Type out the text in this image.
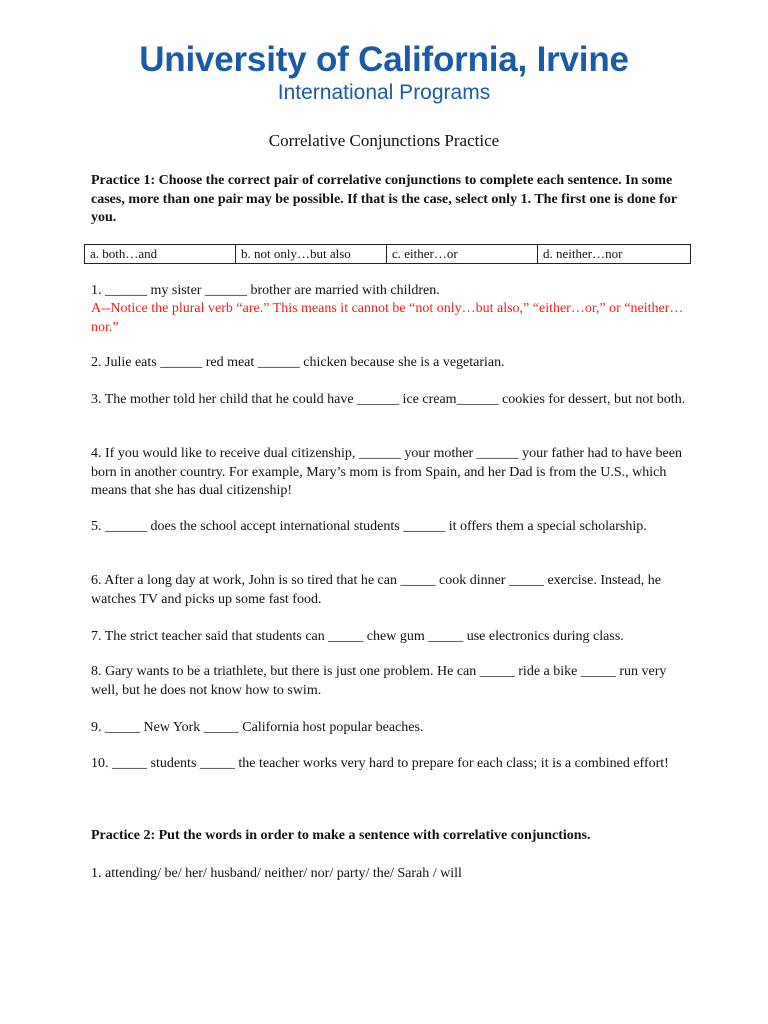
University of California, Irvine
International Programs
Correlative Conjunctions Practice
Practice 1: Choose the correct pair of correlative conjunctions to complete each sentence. In some cases, more than one pair may be possible. If that is the case, select only 1. The first one is done for you.
a. both…and	b. not only…but also	c. either…or	d. neither…nor
1. ______ my sister ______ brother are married with children.
A--Notice the plural verb “are.” This means it cannot be “not only…but also,” “either…or,” or “neither…nor.”
2. Julie eats ______ red meat ______ chicken because she is a vegetarian.
3. The mother told her child that he could have ______ ice cream______ cookies for dessert, but not both.
4. If you would like to receive dual citizenship, ______ your mother ______ your father had to have been born in another country. For example, Mary’s mom is from Spain, and her Dad is from the U.S., which means that she has dual citizenship!
5. ______ does the school accept international students ______ it offers them a special scholarship.
6. After a long day at work, John is so tired that he can _____ cook dinner _____ exercise. Instead, he watches TV and picks up some fast food.
7. The strict teacher said that students can _____ chew gum _____ use electronics during class.
8. Gary wants to be a triathlete, but there is just one problem. He can _____ ride a bike _____ run very well, but he does not know how to swim.
9. _____ New York _____ California host popular beaches.
10. _____ students _____ the teacher works very hard to prepare for each class; it is a combined effort!
Practice 2: Put the words in order to make a sentence with correlative conjunctions.
1. attending/ be/ her/ husband/ neither/ nor/ party/ the/ Sarah / will
